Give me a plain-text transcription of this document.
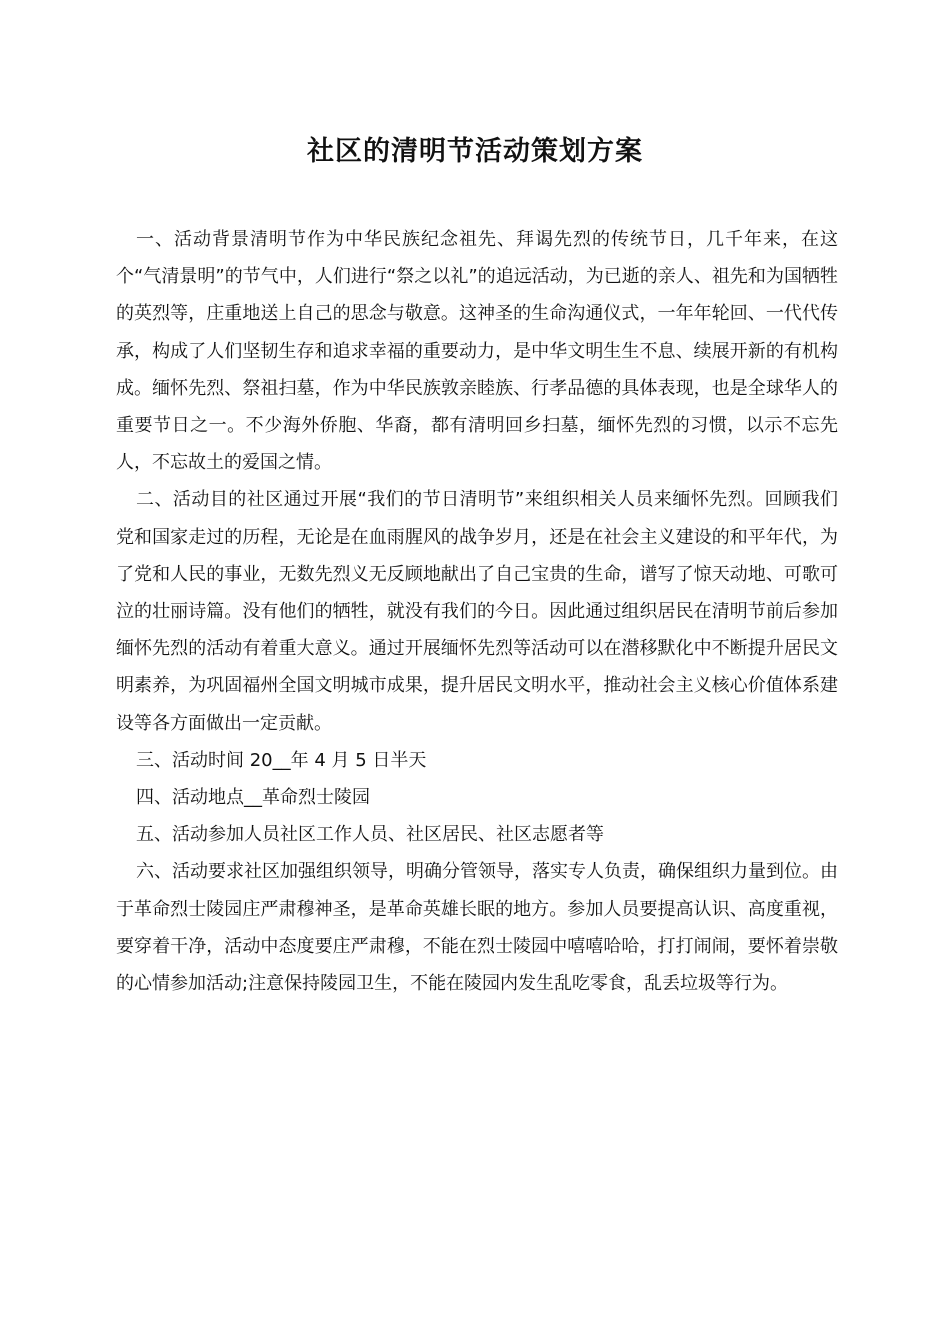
社区的清明节活动策划方案

一、活动背景清明节作为中华民族纪念祖先、拜谒先烈的传统节日，几千年来，在这个“气清景明”的节气中，人们进行“祭之以礼”的追远活动，为已逝的亲人、祖先和为国牺牲的英烈等，庄重地送上自己的思念与敬意。这神圣的生命沟通仪式，一年年轮回、一代代传承，构成了人们坚韧生存和追求幸福的重要动力，是中华文明生生不息、续展开新的有机构成。缅怀先烈、祭祖扫墓，作为中华民族敦亲睦族、行孝品德的具体表现，也是全球华人的重要节日之一。不少海外侨胞、华裔，都有清明回乡扫墓，缅怀先烈的习惯，以示不忘先人，不忘故土的爱国之情。

二、活动目的社区通过开展“我们的节日清明节”来组织相关人员来缅怀先烈。回顾我们党和国家走过的历程，无论是在血雨腥风的战争岁月，还是在社会主义建设的和平年代，为了党和人民的事业，无数先烈义无反顾地献出了自己宝贵的生命，谱写了惊天动地、可歌可泣的壮丽诗篇。没有他们的牺牲，就没有我们的今日。因此通过组织居民在清明节前后参加缅怀先烈的活动有着重大意义。通过开展缅怀先烈等活动可以在潜移默化中不断提升居民文明素养，为巩固福州全国文明城市成果，提升居民文明水平，推动社会主义核心价值体系建设等各方面做出一定贡献。

三、活动时间 20__年 4 月 5 日半天

四、活动地点__革命烈士陵园

五、活动参加人员社区工作人员、社区居民、社区志愿者等

六、活动要求社区加强组织领导，明确分管领导，落实专人负责，确保组织力量到位。由于革命烈士陵园庄严肃穆神圣，是革命英雄长眠的地方。参加人员要提高认识、高度重视，要穿着干净，活动中态度要庄严肃穆，不能在烈士陵园中嘻嘻哈哈，打打闹闹，要怀着崇敬的心情参加活动;注意保持陵园卫生，不能在陵园内发生乱吃零食，乱丢垃圾等行为。
